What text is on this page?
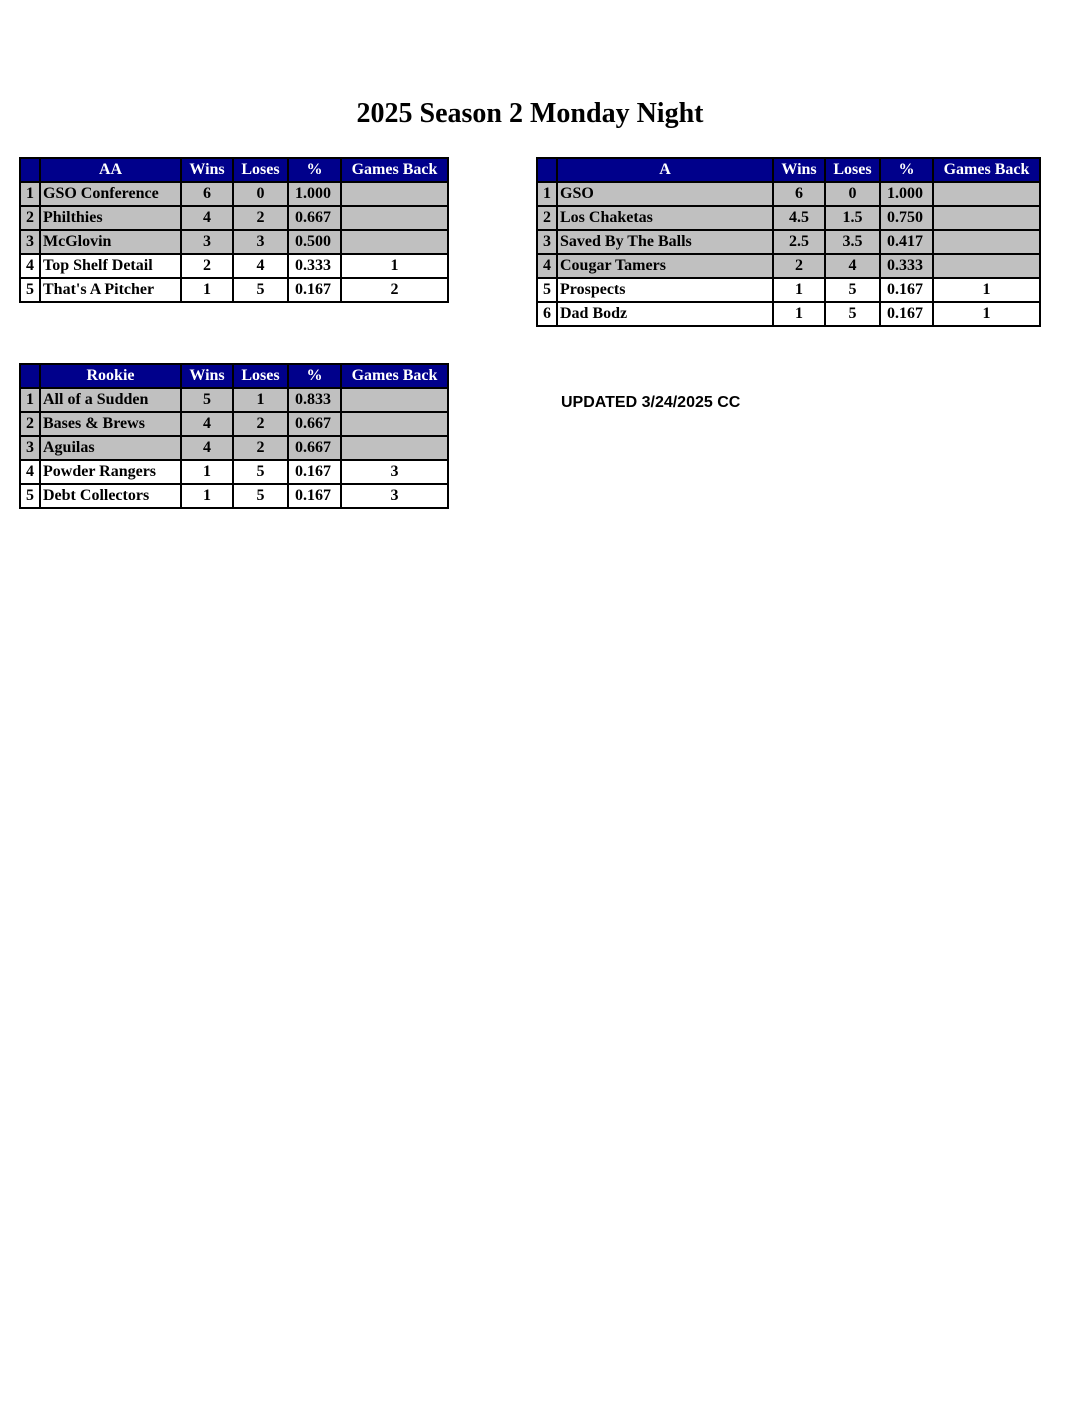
2025 Season 2 Monday Night
	AA	Wins	Loses	%	Games Back
1	GSO Conference	6	0	1.000	
2	Philthies	4	2	0.667	
3	McGlovin	3	3	0.500	
4	Top Shelf Detail	2	4	0.333	1
5	That's A Pitcher	1	5	0.167	2
	A	Wins	Loses	%	Games Back
1	GSO	6	0	1.000	
2	Los Chaketas	4.5	1.5	0.750	
3	Saved By The Balls	2.5	3.5	0.417	
4	Cougar Tamers	2	4	0.333	
5	Prospects	1	5	0.167	1
6	Dad Bodz	1	5	0.167	1
	Rookie	Wins	Loses	%	Games Back
1	All of a Sudden	5	1	0.833	
2	Bases & Brews	4	2	0.667	
3	Aguilas	4	2	0.667	
4	Powder Rangers	1	5	0.167	3
5	Debt Collectors	1	5	0.167	3
UPDATED 3/24/2025 CC
